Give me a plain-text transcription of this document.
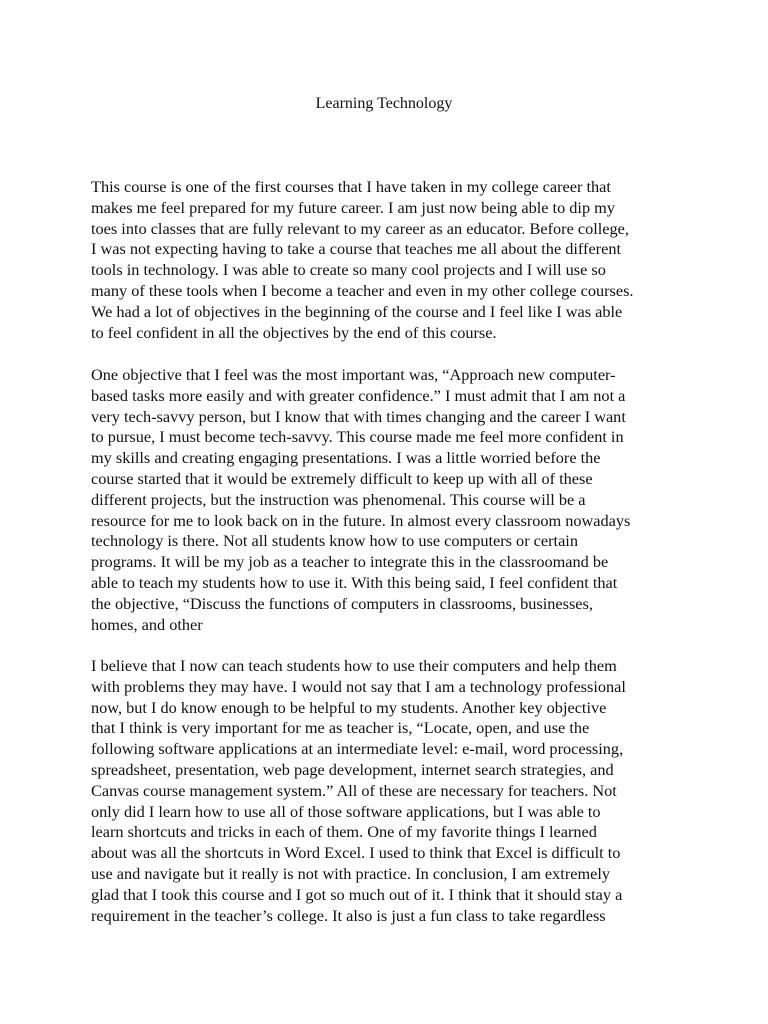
Learning Technology

This course is one of the first courses that I have taken in my college career that
makes me feel prepared for my future career. I am just now being able to dip my
toes into classes that are fully relevant to my career as an educator. Before college,
I was not expecting having to take a course that teaches me all about the different
tools in technology. I was able to create so many cool projects and I will use so
many of these tools when I become a teacher and even in my other college courses.
We had a lot of objectives in the beginning of the course and I feel like I was able
to feel confident in all the objectives by the end of this course.

One objective that I feel was the most important was, “Approach new computer-
based tasks more easily and with greater confidence.” I must admit that I am not a
very tech-savvy person, but I know that with times changing and the career I want
to pursue, I must become tech-savvy. This course made me feel more confident in
my skills and creating engaging presentations. I was a little worried before the
course started that it would be extremely difficult to keep up with all of these
different projects, but the instruction was phenomenal. This course will be a
resource for me to look back on in the future. In almost every classroom nowadays
technology is there. Not all students know how to use computers or certain
programs. It will be my job as a teacher to integrate this in the classroomand be
able to teach my students how to use it. With this being said, I feel confident that
the objective, “Discuss the functions of computers in classrooms, businesses,
homes, and other

I believe that I now can teach students how to use their computers and help them
with problems they may have. I would not say that I am a technology professional
now, but I do know enough to be helpful to my students. Another key objective
that I think is very important for me as teacher is, “Locate, open, and use the
following software applications at an intermediate level: e-mail, word processing,
spreadsheet, presentation, web page development, internet search strategies, and
Canvas course management system.” All of these are necessary for teachers. Not
only did I learn how to use all of those software applications, but I was able to
learn shortcuts and tricks in each of them. One of my favorite things I learned
about was all the shortcuts in Word Excel. I used to think that Excel is difficult to
use and navigate but it really is not with practice. In conclusion, I am extremely
glad that I took this course and I got so much out of it. I think that it should stay a
requirement in the teacher’s college. It also is just a fun class to take regardless
